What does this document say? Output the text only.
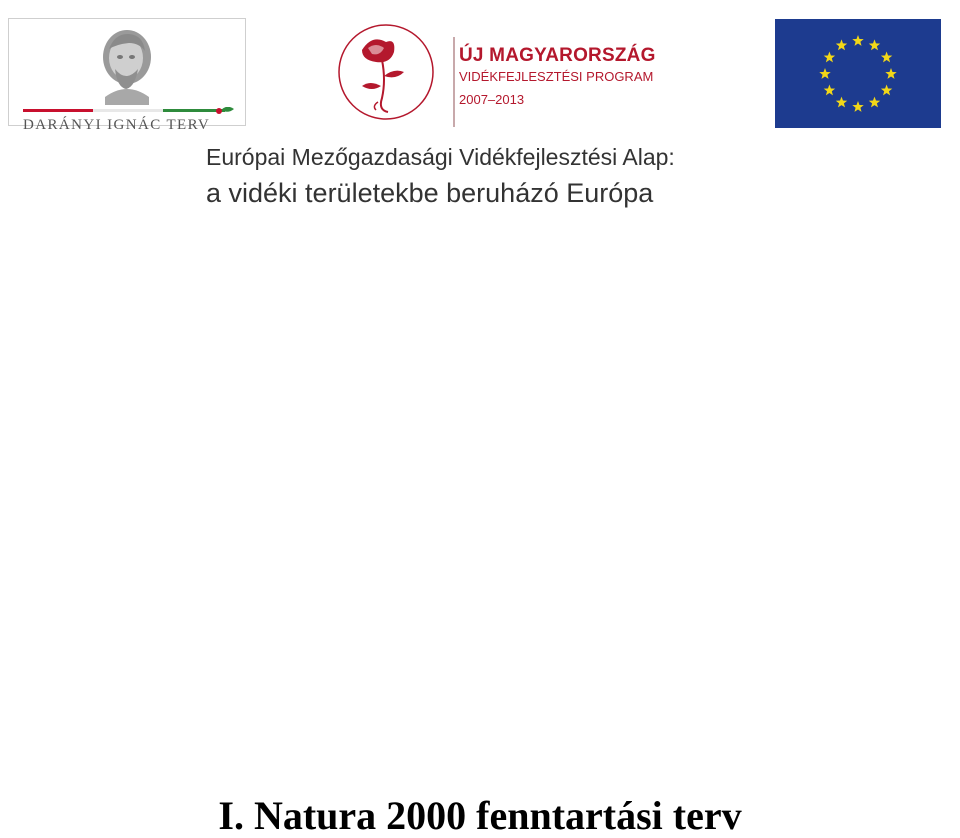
DARÁNYI IGNÁC TERV
ÚJ MAGYARORSZÁG
VIDÉKFEJLESZTÉSI PROGRAM
2007–2013
Európai Mezőgazdasági Vidékfejlesztési Alap:
a vidéki területekbe beruházó Európa
I. Natura 2000 fenntartási terv
